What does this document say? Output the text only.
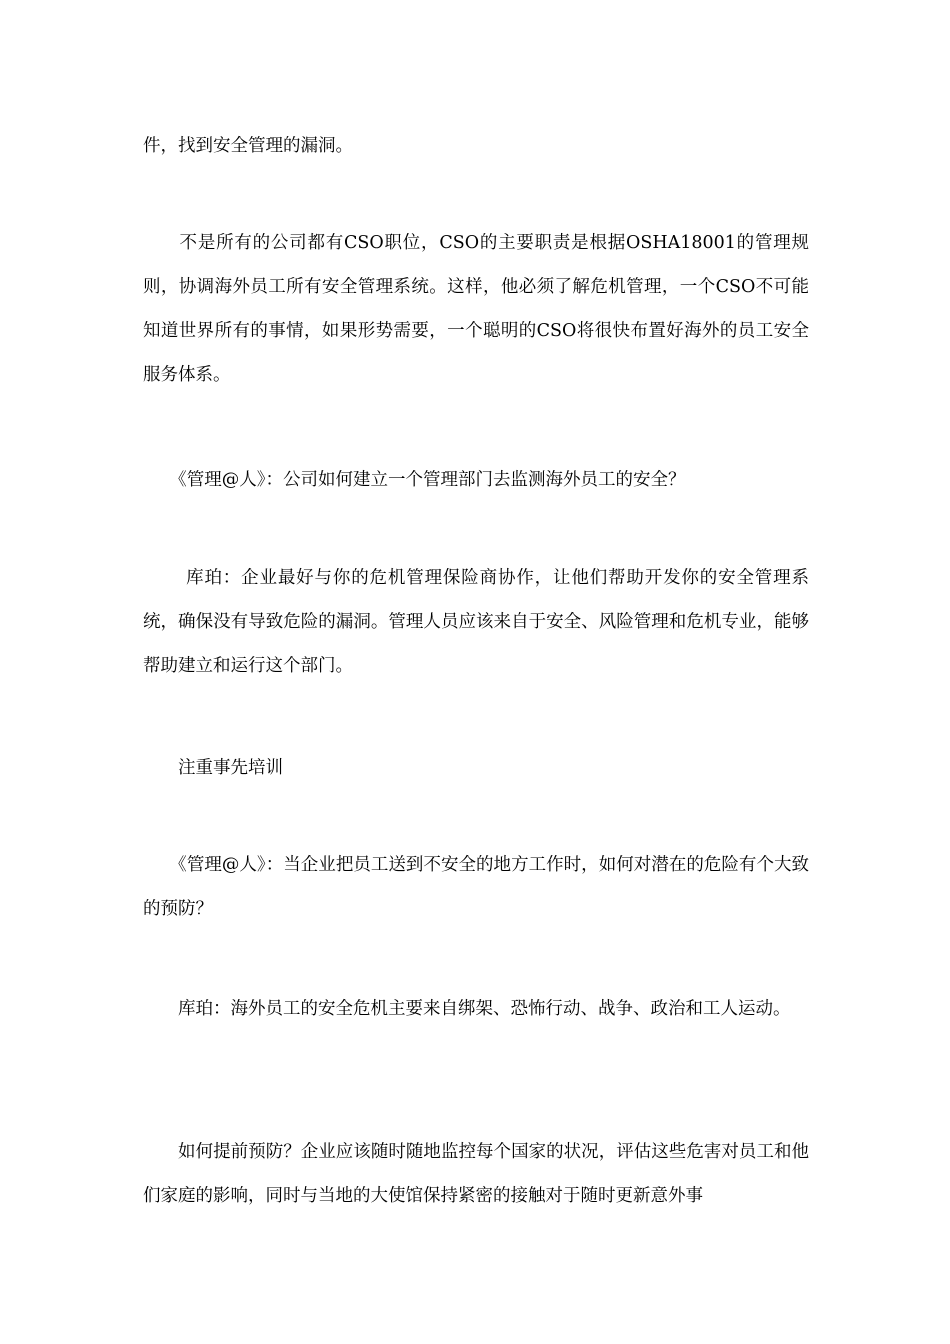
件，找到安全管理的漏洞。

　　不是所有的公司都有CSO职位，CSO的主要职责是根据OSHA18001的管理规则，协调海外员工所有安全管理系统。这样，他必须了解危机管理，一个CSO不可能知道世界所有的事情，如果形势需要，一个聪明的CSO将很快布置好海外的员工安全服务体系。

　　《管理@人》：公司如何建立一个管理部门去监测海外员工的安全？

　　 库珀：企业最好与你的危机管理保险商协作，让他们帮助开发你的安全管理系统，确保没有导致危险的漏洞。管理人员应该来自于安全、风险管理和危机专业，能够帮助建立和运行这个部门。

　　注重事先培训

　　《管理@人》：当企业把员工送到不安全的地方工作时，如何对潜在的危险有个大致的预防？

　　库珀：海外员工的安全危机主要来自绑架、恐怖行动、战争、政治和工人运动。

　　如何提前预防？企业应该随时随地监控每个国家的状况，评估这些危害对员工和他们家庭的影响，同时与当地的大使馆保持紧密的接触对于随时更新意外事
